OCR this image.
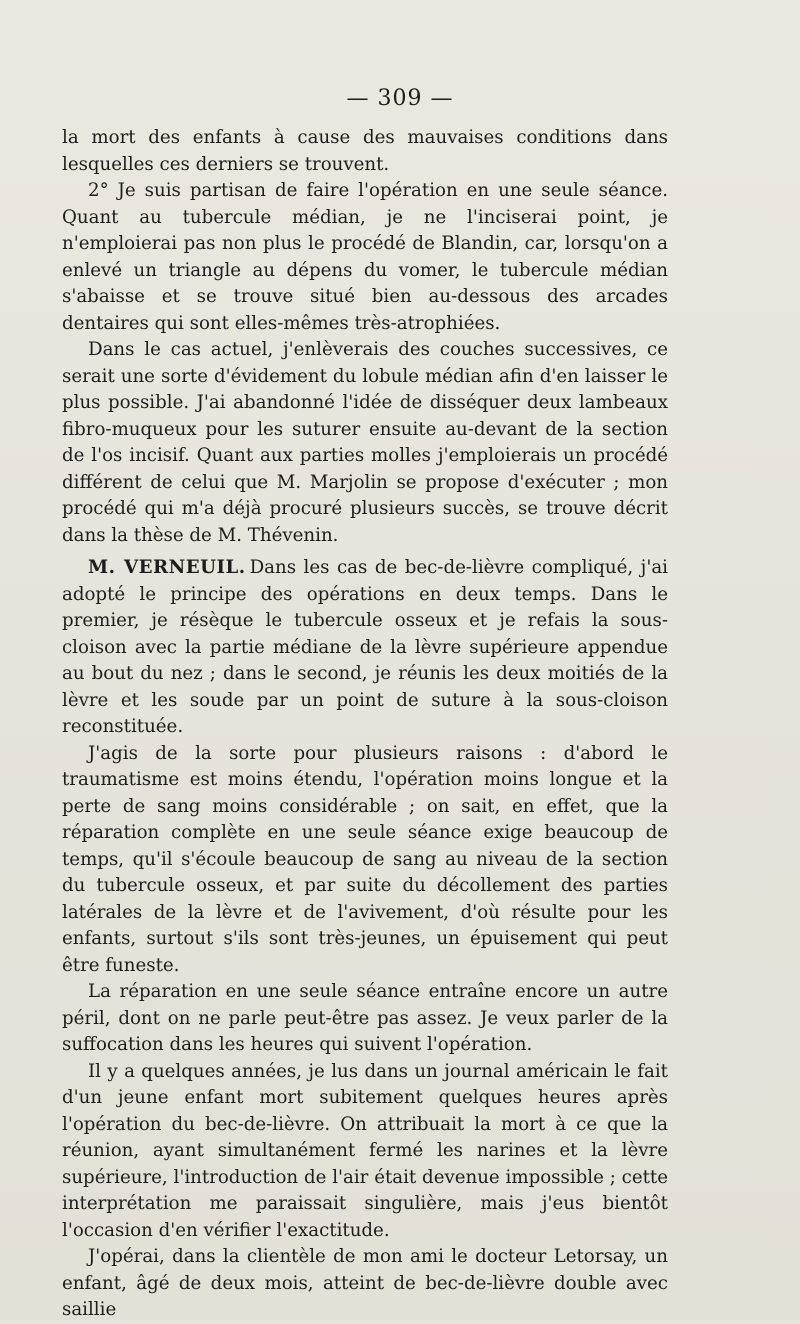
— 309 —

la mort des enfants à cause des mauvaises conditions dans lesquelles ces derniers se trouvent.

2° Je suis partisan de faire l'opération en une seule séance. Quant au tubercule médian, je ne l'inciserai point, je n'emploierai pas non plus le procédé de Blandin, car, lorsqu'on a enlevé un triangle au dépens du vomer, le tubercule médian s'abaisse et se trouve situé bien au-dessous des arcades dentaires qui sont elles-mêmes très-atrophiées.

Dans le cas actuel, j'enlèverais des couches successives, ce serait une sorte d'évidement du lobule médian afin d'en laisser le plus possible. J'ai abandonné l'idée de disséquer deux lambeaux fibro-muqueux pour les suturer ensuite au-devant de la section de l'os incisif. Quant aux parties molles j'emploierais un procédé différent de celui que M. Marjolin se propose d'exécuter ; mon procédé qui m'a déjà procuré plusieurs succès, se trouve décrit dans la thèse de M. Thévenin.

M. VERNEUIL. Dans les cas de bec-de-lièvre compliqué, j'ai adopté le principe des opérations en deux temps. Dans le premier, je résèque le tubercule osseux et je refais la sous-cloison avec la partie médiane de la lèvre supérieure appendue au bout du nez ; dans le second, je réunis les deux moitiés de la lèvre et les soude par un point de suture à la sous-cloison reconstituée.

J'agis de la sorte pour plusieurs raisons : d'abord le traumatisme est moins étendu, l'opération moins longue et la perte de sang moins considérable ; on sait, en effet, que la réparation complète en une seule séance exige beaucoup de temps, qu'il s'écoule beaucoup de sang au niveau de la section du tubercule osseux, et par suite du décollement des parties latérales de la lèvre et de l'avivement, d'où résulte pour les enfants, surtout s'ils sont très-jeunes, un épuisement qui peut être funeste.

La réparation en une seule séance entraîne encore un autre péril, dont on ne parle peut-être pas assez. Je veux parler de la suffocation dans les heures qui suivent l'opération.

Il y a quelques années, je lus dans un journal américain le fait d'un jeune enfant mort subitement quelques heures après l'opération du bec-de-lièvre. On attribuait la mort à ce que la réunion, ayant simultanément fermé les narines et la lèvre supérieure, l'introduction de l'air était devenue impossible ; cette interprétation me paraissait singulière, mais j'eus bientôt l'occasion d'en vérifier l'exactitude.

J'opérai, dans la clientèle de mon ami le docteur Letorsay, un enfant, âgé de deux mois, atteint de bec-de-lièvre double avec saillie
